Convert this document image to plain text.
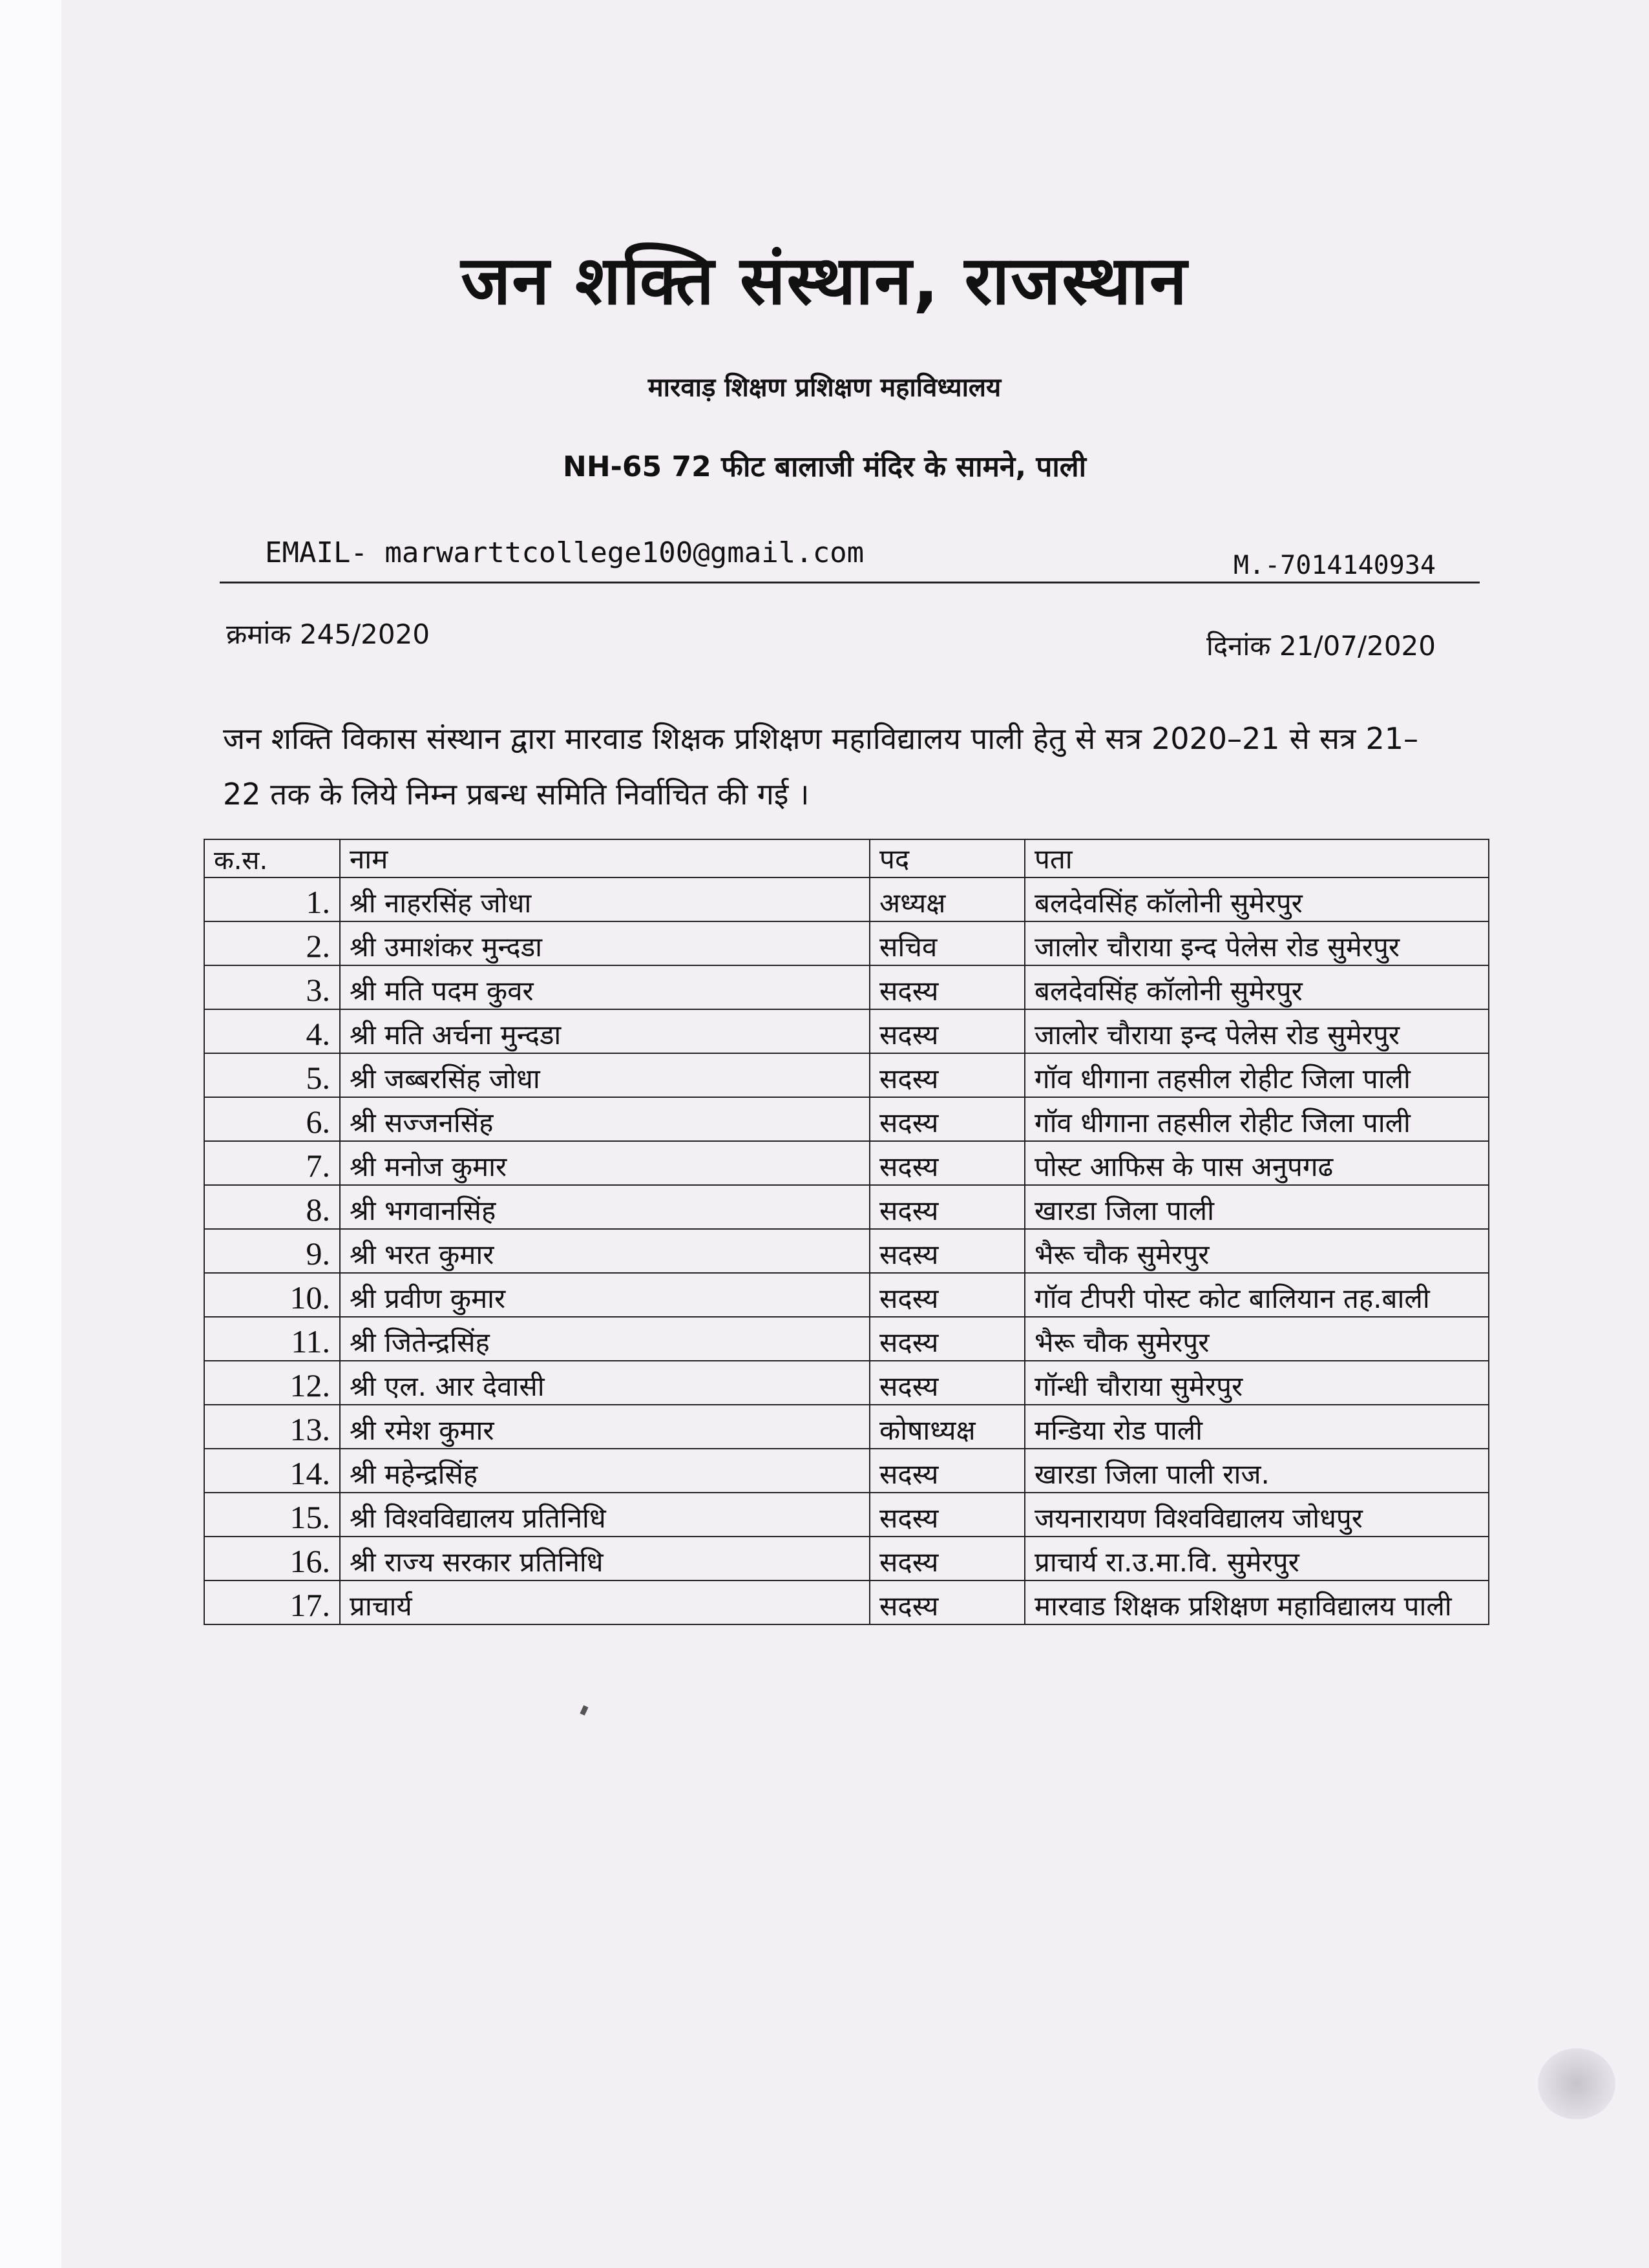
जन शक्ति संस्थान, राजस्थान
मारवाड़ शिक्षण प्रशिक्षण महाविध्यालय
NH-65 72 फीट बालाजी मंदिर के सामने, पाली
EMAIL- marwarttcollege100@gmail.com	M.-7014140934
क्रमांक 245/2020	दिनांक 21/07/2020
जन शक्ति विकास संस्थान द्वारा मारवाड शिक्षक प्रशिक्षण महाविद्यालय पाली हेतु से सत्र 2020–21 से सत्र 21–22 तक के लिये निम्न प्रबन्ध समिति निर्वाचित की गई ।
क.स.	नाम	पद	पता
1.	श्री नाहरसिंह जोधा	अध्यक्ष	बलदेवसिंह कॉलोनी सुमेरपुर
2.	श्री उमाशंकर मुन्दडा	सचिव	जालोर चौराया इन्द पेलेस रोड सुमेरपुर
3.	श्री मति पदम कुवर	सदस्य	बलदेवसिंह कॉलोनी सुमेरपुर
4.	श्री मति अर्चना मुन्दडा	सदस्य	जालोर चौराया इन्द पेलेस रोड सुमेरपुर
5.	श्री जब्बरसिंह जोधा	सदस्य	गॉव धीगाना तहसील रोहीट जिला पाली
6.	श्री सज्जनसिंह	सदस्य	गॉव धीगाना तहसील रोहीट जिला पाली
7.	श्री मनोज कुमार	सदस्य	पोस्ट आफिस के पास अनुपगढ
8.	श्री भगवानसिंह	सदस्य	खारडा जिला पाली
9.	श्री भरत कुमार	सदस्य	भैरू चौक सुमेरपुर
10.	श्री प्रवीण कुमार	सदस्य	गॉव टीपरी पोस्ट कोट बालियान तह.बाली
11.	श्री जितेन्द्रसिंह	सदस्य	भैरू चौक सुमेरपुर
12.	श्री एल. आर देवासी	सदस्य	गॉन्धी चौराया सुमेरपुर
13.	श्री रमेश कुमार	कोषाध्यक्ष	मन्डिया रोड पाली
14.	श्री महेन्द्रसिंह	सदस्य	खारडा जिला पाली राज.
15.	श्री विश्वविद्यालय प्रतिनिधि	सदस्य	जयनारायण विश्वविद्यालय जोधपुर
16.	श्री राज्य सरकार प्रतिनिधि	सदस्य	प्राचार्य रा.उ.मा.वि. सुमेरपुर
17.	प्राचार्य	सदस्य	मारवाड शिक्षक प्रशिक्षण महाविद्यालय पाली
